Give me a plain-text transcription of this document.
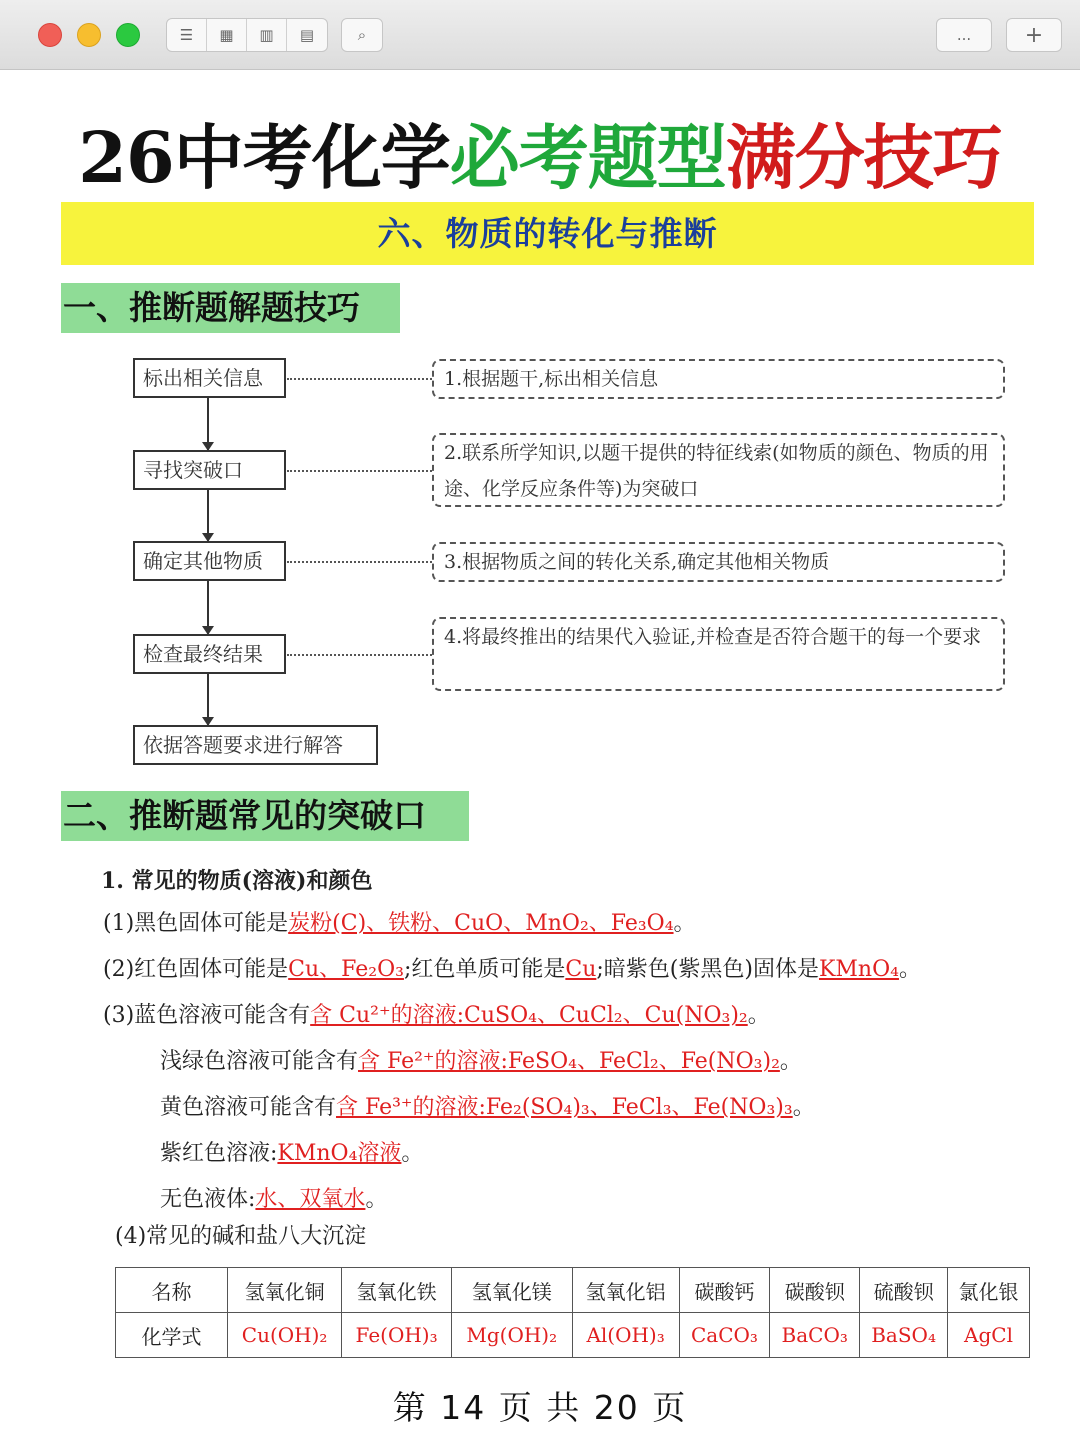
☰	▦	▥	▤	⌕	...	+
26中考化学必考题型满分技巧
六、物质的转化与推断
一、推断题解题技巧
标出相关信息
寻找突破口
确定其他物质
检查最终结果
依据答题要求进行解答
1.根据题干,标出相关信息
2.联系所学知识,以题干提供的特征线索(如物质的颜色、物质的用途、化学反应条件等)为突破口
3.根据物质之间的转化关系,确定其他相关物质
4.将最终推出的结果代入验证,并检查是否符合题干的每一个要求
二、推断题常见的突破口
1. 常见的物质(溶液)和颜色
(1)黑色固体可能是炭粉(C)、铁粉、CuO、MnO₂、Fe₃O₄。
(2)红色固体可能是Cu、Fe₂O₃;红色单质可能是Cu;暗紫色(紫黑色)固体是KMnO₄。
(3)蓝色溶液可能含有含 Cu²⁺的溶液:CuSO₄、CuCl₂、Cu(NO₃)₂。
浅绿色溶液可能含有含 Fe²⁺的溶液:FeSO₄、FeCl₂、Fe(NO₃)₂。
黄色溶液可能含有含 Fe³⁺的溶液:Fe₂(SO₄)₃、FeCl₃、Fe(NO₃)₃。
紫红色溶液:KMnO₄溶液。
无色液体:水、双氧水。
(4)常见的碱和盐八大沉淀
名称	氢氧化铜	氢氧化铁	氢氧化镁	氢氧化铝	碳酸钙	碳酸钡	硫酸钡	氯化银
化学式	Cu(OH)₂	Fe(OH)₃	Mg(OH)₂	Al(OH)₃	CaCO₃	BaCO₃	BaSO₄	AgCl
第 14 页 共 20 页
